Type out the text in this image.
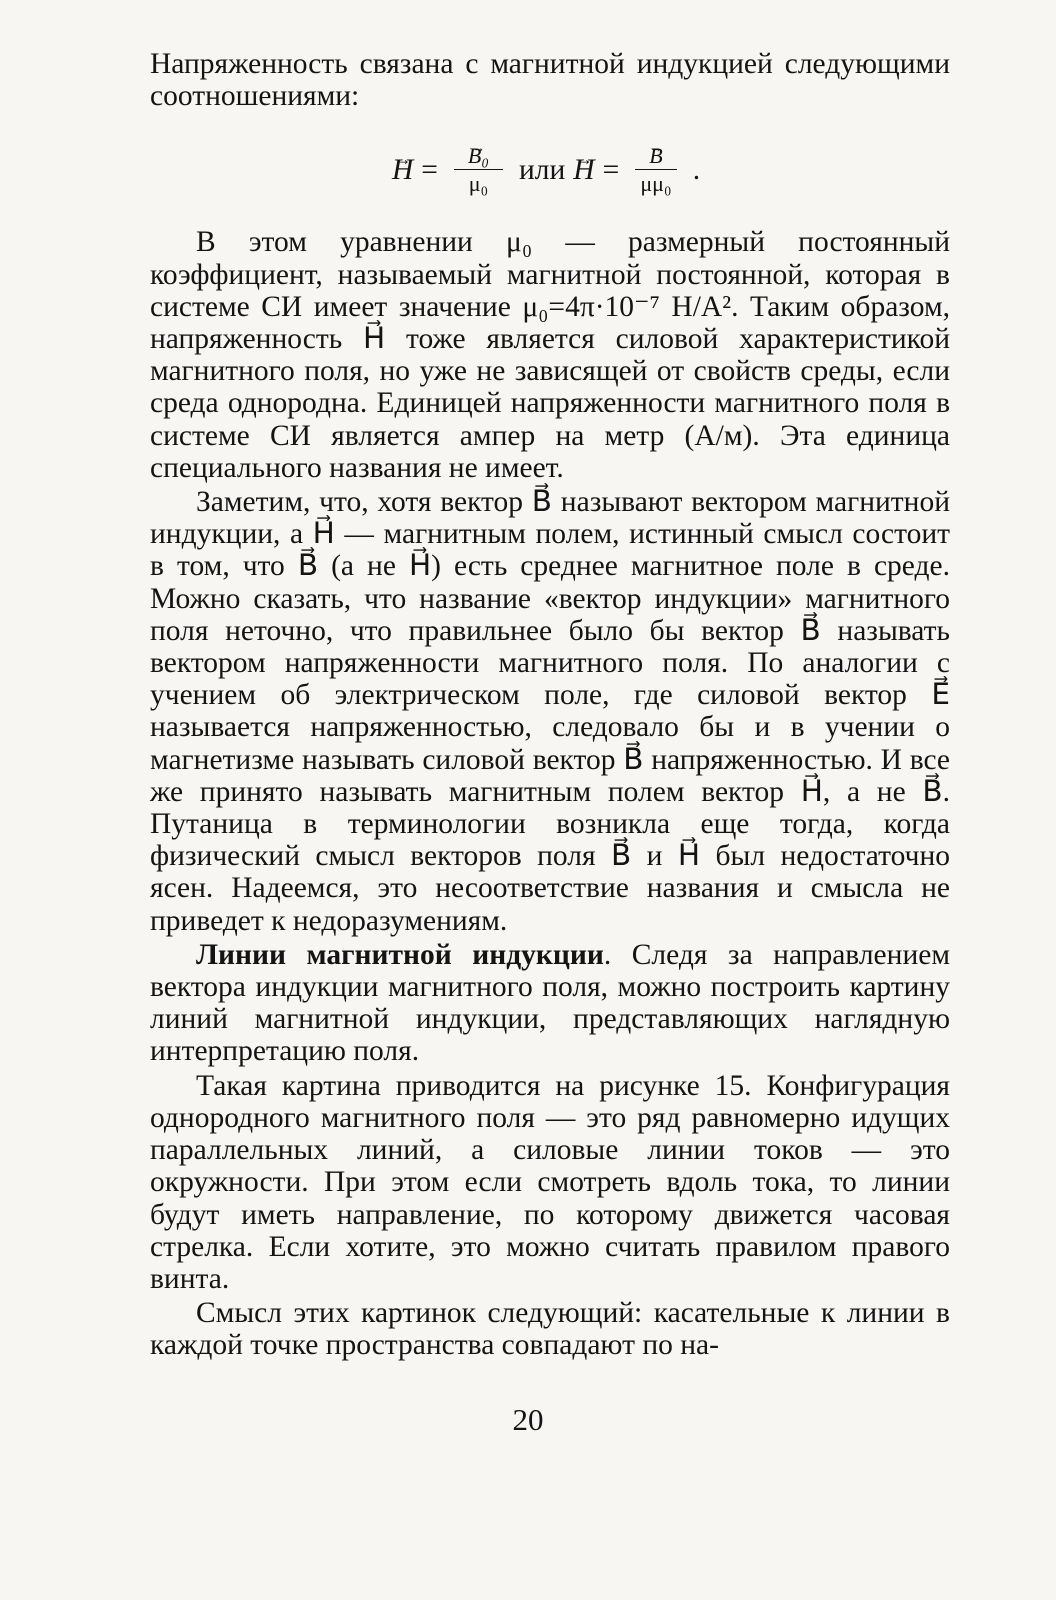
Напряженность связана с магнитной индукцией следующими соотношениями:

→ H = → $\frac{\text{B₀}}{\text{μ₀}}$ или → H = → $\frac{B}{\text{μμ₀}}$ .

В этом уравнении μ₀ — размерный постоянный коэффициент, называемый магнитной постоянной, которая в системе СИ имеет значение μ₀=4π·10⁻⁷ Н/А². Таким образом, напряженность H⃗ тоже является силовой характеристикой магнитного поля, но уже не зависящей от свойств среды, если среда однородна. Единицей напряженности магнитного поля в системе СИ является ампер на метр (А/м). Эта единица специального названия не имеет.

Заметим, что, хотя вектор B⃗ называют вектором магнитной индукции, а H⃗ — магнитным полем, истинный смысл состоит в том, что B⃗ (а не H⃗) есть среднее магнитное поле в среде. Можно сказать, что название «вектор индукции» магнитного поля неточно, что правильнее было бы вектор B⃗ называть вектором напряженности магнитного поля. По аналогии с учением об электрическом поле, где силовой вектор E⃗ называется напряженностью, следовало бы и в учении о магнетизме называть силовой вектор B⃗ напряженностью. И все же принято называть магнитным полем вектор H⃗, а не B⃗. Путаница в терминологии возникла еще тогда, когда физический смысл векторов поля B⃗ и H⃗ был недостаточно ясен. Надеемся, это несоответствие названия и смысла не приведет к недоразумениям.

Линии магнитной индукции. Следя за направлением вектора индукции магнитного поля, можно построить картину линий магнитной индукции, представляющих наглядную интерпретацию поля.

Такая картина приводится на рисунке 15. Конфигурация однородного магнитного поля — это ряд равномерно идущих параллельных линий, а силовые линии токов — это окружности. При этом если смотреть вдоль тока, то линии будут иметь направление, по которому движется часовая стрелка. Если хотите, это можно считать правилом правого винта.

Смысл этих картинок следующий: касательные к линии в каждой точке пространства совпадают по на-

20
